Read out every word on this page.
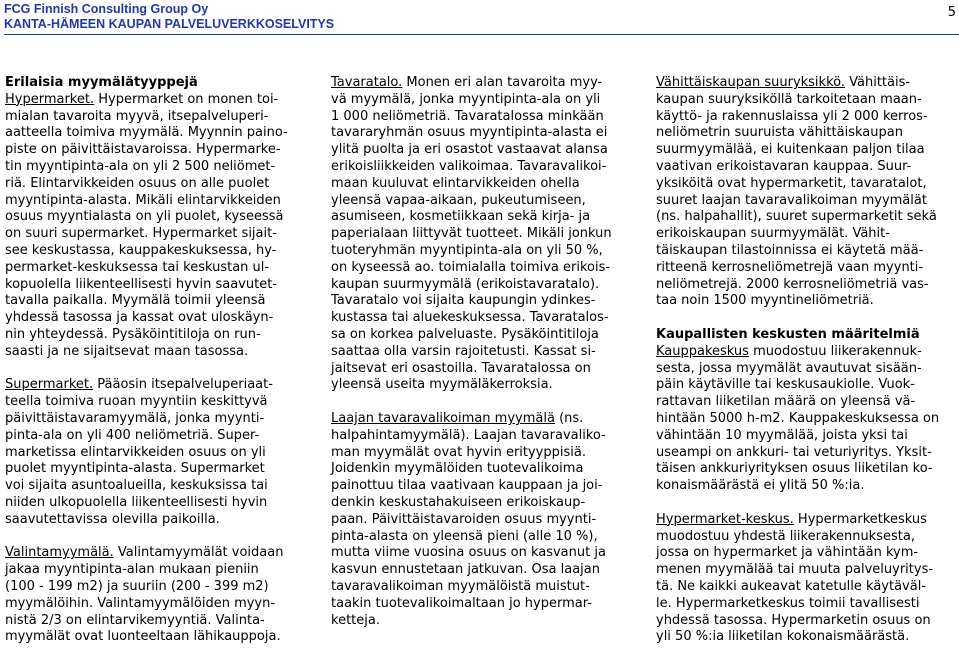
FCG Finnish Consulting Group Oy
KANTA-HÄMEEN KAUPAN PALVELUVERKKOSELVITYS
5
Erilaisia myymälätyyppejä
Hypermarket. Hypermarket on monen toi-
mialan tavaroita myyvä, itsepalveluperi-
aatteella toimiva myymälä. Myynnin paino-
piste on päivittäistavaroissa. Hypermarke-
tin myyntipinta-ala on yli 2 500 neliömet-
riä. Elintarvikkeiden osuus on alle puolet
myyntipinta-alasta. Mikäli elintarvikkeiden
osuus myyntialasta on yli puolet, kyseessä
on suuri supermarket. Hypermarket sijait-
see keskustassa, kauppakeskuksessa, hy-
permarket-keskuksessa tai keskustan ul-
kopuolella liikenteellisesti hyvin saavutet-
tavalla paikalla. Myymälä toimii yleensä
yhdessä tasossa ja kassat ovat uloskäyn-
nin yhteydessä. Pysäköintitiloja on run-
saasti ja ne sijaitsevat maan tasossa.
Supermarket. Pääosin itsepalveluperiaat-
teella toimiva ruoan myyntiin keskittyvä
päivittäistavaramyymälä, jonka myynti-
pinta-ala on yli 400 neliömetriä. Super-
marketissa elintarvikkeiden osuus on yli
puolet myyntipinta-alasta. Supermarket
voi sijaita asuntoalueilla, keskuksissa tai
niiden ulkopuolella liikenteellisesti hyvin
saavutettavissa olevilla paikoilla.
Valintamyymälä. Valintamyymälät voidaan
jakaa myyntipinta-alan mukaan pieniin
(100 - 199 m2) ja suuriin (200 - 399 m2)
myymälöihin. Valintamyymälöiden myyn-
nistä 2/3 on elintarvikemyyntiä. Valinta-
myymälät ovat luonteeltaan lähikauppoja.
Tavaratalo. Monen eri alan tavaroita myy-
vä myymälä, jonka myyntipinta-ala on yli
1 000 neliömetriä. Tavaratalossa minkään
tavararyhmän osuus myyntipinta-alasta ei
ylitä puolta ja eri osastot vastaavat alansa
erikoisliikkeiden valikoimaa. Tavaravalikoi-
maan kuuluvat elintarvikkeiden ohella
yleensä vapaa-aikaan, pukeutumiseen,
asumiseen, kosmetiikkaan sekä kirja- ja
paperialaan liittyvät tuotteet. Mikäli jonkun
tuoteryhmän myyntipinta-ala on yli 50 %,
on kyseessä ao. toimialalla toimiva erikois-
kaupan suurmyymälä (erikoistavaratalo).
Tavaratalo voi sijaita kaupungin ydinkes-
kustassa tai aluekeskuksessa. Tavaratalos-
sa on korkea palveluaste. Pysäköintitiloja
saattaa olla varsin rajoitetusti. Kassat si-
jaitsevat eri osastoilla. Tavaratalossa on
yleensä useita myymäläkerroksia.
Laajan tavaravalikoiman myymälä (ns.
halpahintamyymälä). Laajan tavaravaliko-
man myymälät ovat hyvin erityyppisiä.
Joidenkin myymälöiden tuotevalikoima
painottuu tilaa vaativaan kauppaan ja joi-
denkin keskustahakuiseen erikoiskaup-
paan. Päivittäistavaroiden osuus myynti-
pinta-alasta on yleensä pieni (alle 10 %),
mutta viime vuosina osuus on kasvanut ja
kasvun ennustetaan jatkuvan. Osa laajan
tavaravalikoiman myymälöistä muistut-
taakin tuotevalikoimaltaan jo hypermar-
ketteja.
Vähittäiskaupan suuryksikkö. Vähittäis-
kaupan suuryksiköllä tarkoitetaan maan-
käyttö- ja rakennuslaissa yli 2 000 kerros-
neliömetrin suuruista vähittäiskaupan
suurmyymälää, ei kuitenkaan paljon tilaa
vaativan erikoistavaran kauppaa. Suur-
yksiköitä ovat hypermarketit, tavaratalot,
suuret laajan tavaravalikoiman myymälät
(ns. halpahallit), suuret supermarketit sekä
erikoiskaupan suurmyymälät. Vähit-
täiskaupan tilastoinnissa ei käytetä mää-
ritteenä kerrosneliömetrejä vaan myynti-
neliömetrejä. 2000 kerrosneliömetriä vas-
taa noin 1500 myyntineliömetriä.
Kaupallisten keskusten määritelmiä
Kauppakeskus muodostuu liikerakennuk-
sesta, jossa myymälät avautuvat sisään-
päin käytäville tai keskusaukiolle. Vuok-
rattavan liiketilan määrä on yleensä vä-
hintään 5000 h-m2. Kauppakeskuksessa on
vähintään 10 myymälää, joista yksi tai
useampi on ankkuri- tai veturiyritys. Yksit-
täisen ankkuriyrityksen osuus liiketilan ko-
konaismäärästä ei ylitä 50 %:ia.
Hypermarket-keskus. Hypermarketkeskus
muodostuu yhdestä liikerakennuksesta,
jossa on hypermarket ja vähintään kym-
menen myymälää tai muuta palveluyritys-
tä. Ne kaikki aukeavat katetulle käytäväl-
le. Hypermarketkeskus toimii tavallisesti
yhdessä tasossa. Hypermarketin osuus on
yli 50 %:ia liiketilan kokonaismäärästä.
